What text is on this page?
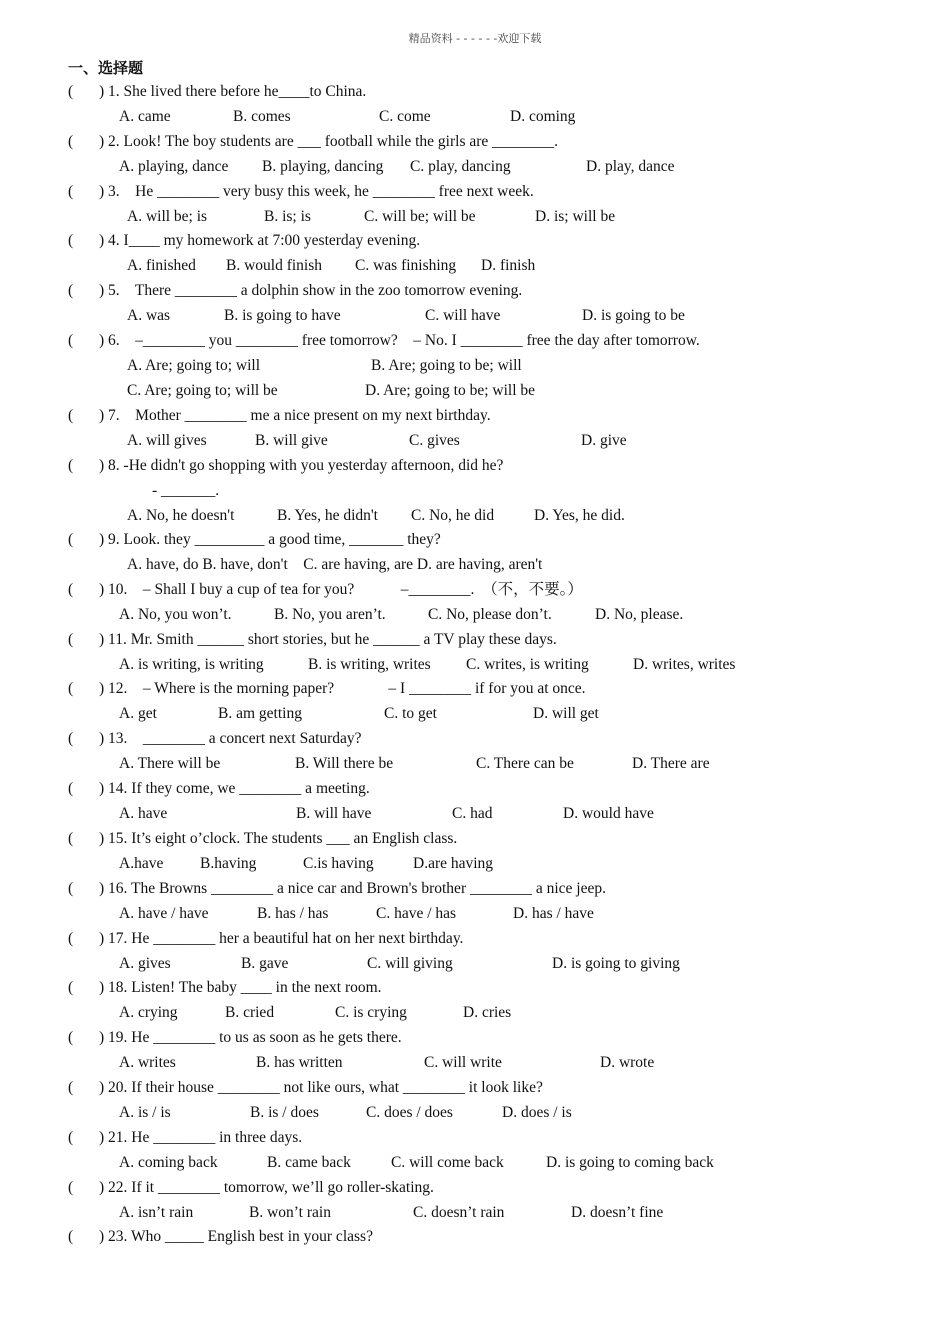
精品资料 - - - - - -欢迎下载
一、选择题
( ) 1. She lived there before he____to China.
A. came	B. comes	C. come	D. coming
( ) 2. Look! The boy students are ___ football while the girls are ________.
A. playing, dance B. playing, dancing C. play, dancing	D. play, dance
( ) 3.    He ________ very busy this week, he ________ free next week.
A. will be; is	B. is; is	C. will be; will be	D. is; will be
( ) 4. I____ my homework at 7:00 yesterday evening.
A. finished B. would finish C. was finishing D. finish
( ) 5.    There ________ a dolphin show in the zoo tomorrow evening.
A. was	B. is going to have	C. will have	D. is going to be
( ) 6.    –________ you ________ free tomorrow?    – No. I ________ free the day after tomorrow.
A. Are; going to; will	B. Are; going to be; will
C. Are; going to; will be	D. Are; going to be; will be
( ) 7.    Mother ________ me a nice present on my next birthday.
A. will gives	B. will give	C. gives	D. give
( ) 8. -He didn't go shopping with you yesterday afternoon, did he?
- _______.
A. No, he doesn't	B. Yes, he didn't C. No, he did	D. Yes, he did.
( ) 9. Look. they _________ a good time, _______ they?
A. have, do B. have, don't    C. are having, are D. are having, aren't
( ) 10.    – Shall I buy a cup of tea for you?            –________.  （不，不要。）
A. No, you won’t.	B. No, you aren’t.	C. No, please don’t.	D. No, please.
( ) 11. Mr. Smith ______ short stories, but he ______ a TV play these days.
A. is writing, is writing	B. is writing, writes C. writes, is writing	D. writes, writes
( ) 12.    – Where is the morning paper?              – I ________ if for you at once.
A. get	B. am getting	C. to get	D. will get
( ) 13.    ________ a concert next Saturday?
A. There will be	B. Will there be	C. There can be	D. There are
( ) 14. If they come, we ________ a meeting.
A. have	B. will have	C. had	D. would have
( ) 15. It’s eight o’clock. The students ___ an English class.
A.have B.having	C.is having	D.are having
( ) 16. The Browns ________ a nice car and Brown's brother ________ a nice jeep.
A. have / have	B. has / has	C. have / has	D. has / have
( ) 17. He ________ her a beautiful hat on her next birthday.
A. gives	B. gave	C. will giving	D. is going to giving
( ) 18. Listen! The baby ____ in the next room.
A. crying	B. cried	C. is crying	D. cries
( ) 19. He ________ to us as soon as he gets there.
A. writes	B. has written	C. will write	D. wrote
( ) 20. If their house ________ not like ours, what ________ it look like?
A. is / is	B. is / does	C. does / does	D. does / is
( ) 21. He ________ in three days.
A. coming back	B. came back	C. will come back	D. is going to coming back
( ) 22. If it ________ tomorrow, we’ll go roller-skating.
A. isn’t rain	B. won’t rain	C. doesn’t rain	D. doesn’t fine
( ) 23. Who _____ English best in your class?
